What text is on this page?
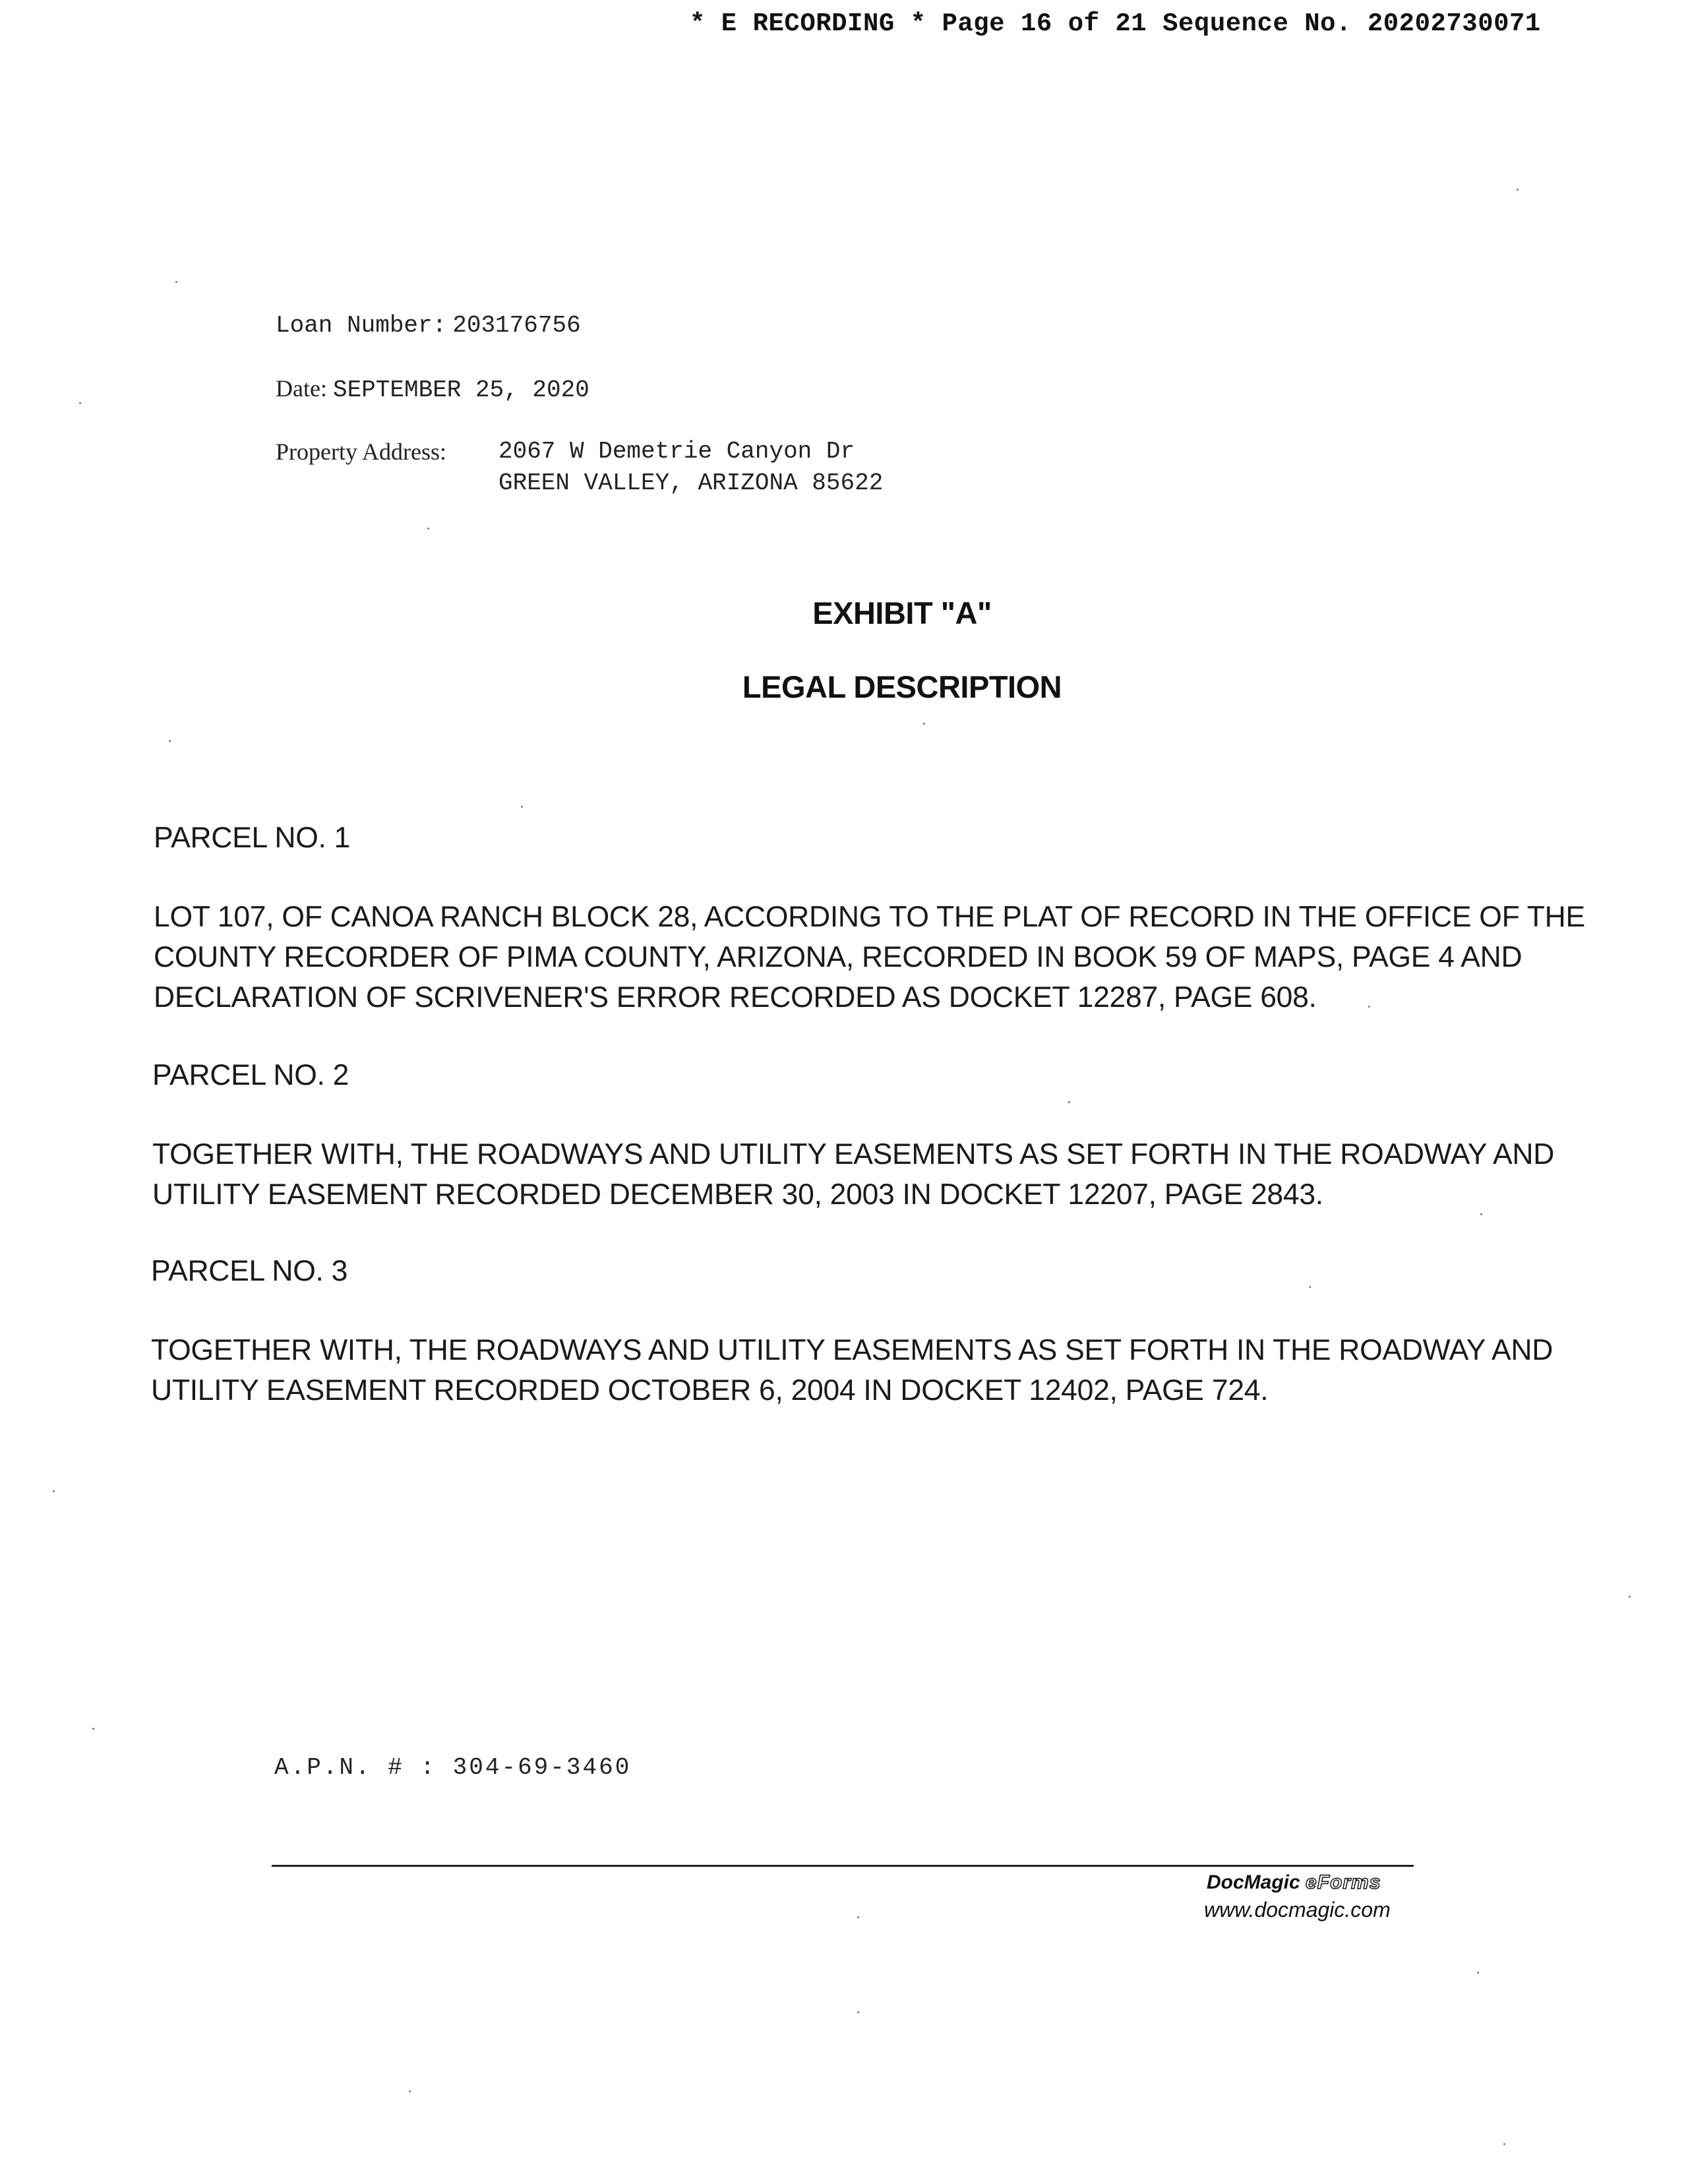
* E RECORDING * Page 16 of 21 Sequence No. 20202730071
Loan Number: 203176756
Date: SEPTEMBER 25, 2020
Property Address: 2067 W Demetrie Canyon Dr
GREEN VALLEY, ARIZONA 85622
EXHIBIT "A"
LEGAL DESCRIPTION
PARCEL NO. 1
LOT 107, OF CANOA RANCH BLOCK 28, ACCORDING TO THE PLAT OF RECORD IN THE OFFICE OF THE
COUNTY RECORDER OF PIMA COUNTY, ARIZONA, RECORDED IN BOOK 59 OF MAPS, PAGE 4 AND
DECLARATION OF SCRIVENER'S ERROR RECORDED AS DOCKET 12287, PAGE 608.
PARCEL NO. 2
TOGETHER WITH, THE ROADWAYS AND UTILITY EASEMENTS AS SET FORTH IN THE ROADWAY AND
UTILITY EASEMENT RECORDED DECEMBER 30, 2003 IN DOCKET 12207, PAGE 2843.
PARCEL NO. 3
TOGETHER WITH, THE ROADWAYS AND UTILITY EASEMENTS AS SET FORTH IN THE ROADWAY AND
UTILITY EASEMENT RECORDED OCTOBER 6, 2004 IN DOCKET 12402, PAGE 724.
A.P.N. # : 304-69-3460
DocMagic eForms
www.docmagic.com
